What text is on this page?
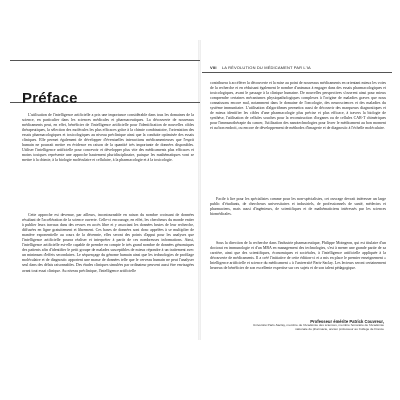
Préface

L'utilisation de l'intelligence artificielle a pris une importance considérable dans tous les domaines de la science, en particulier dans les sciences médicales et pharmaceutiques. La découverte de nouveaux médicaments peut, en effet, bénéficier de l'intelligence artificielle pour l'identification de nouvelles cibles thérapeutiques, la sélection des molécules les plus efficaces grâce à la chimie combinatoire, l'orientation des essais pharmacologiques et toxicologiques au niveau préclinique ainsi que la conduite optimisée des essais cliniques. Elle permet également de développer d'éventuelles interactions médicamenteuses que l'esprit humain ne pourrait mettre en évidence en raison de la quantité très importante de données disponibles. Utiliser l'intelligence artificielle pour concevoir et développer plus vite des médicaments plus efficaces et moins toxiques représente une approche hautement pluridisciplinaire, puisque les mathématiques vont se mettre à la chimie, à la biologie moléculaire et cellulaire, à la pharmacologie et à la toxicologie.

Cette approche est devenue, par ailleurs, incontournable en raison du nombre croissant de données résultant de l'accélération de la science ouverte. Celle-ci encourage, en effet, les chercheurs du monde entier à publier leurs travaux dans des revues en accès libre et y associant les données brutes de leur recherche, diffusées en ligne gratuitement et librement. Ces bases de données sont donc appelées à se multiplier de manière exponentielle au cours de la décennie, elles seront des points d'appui pour les analyses que l'intelligence artificielle pourra réaliser et interpréter à partir de ces nombreuses informations. Ainsi, l'intelligence artificielle est-elle capable de prendre en compte le très grand nombre de données génomiques des patients afin d'identifier le petit groupe de malades susceptibles de mieux répondre à un traitement avec un minimum d'effets secondaires. Le séquençage du génome humain ainsi que les technologies de profilage moléculaire et de diagnostic apportent une masse de données telle que le cerveau humain ne peut l'analyser seul dans des délais raisonnables. Des études cliniques simulées par ordinateur peuvent aussi être envisagées avant tout essai clinique. Au niveau préclinique, l'intelligence artificielle

VIII LA RÉVOLUTION DU MÉDICAMENT PAR L'IA

contribuera à accélérer la découverte et la mise au point de nouveaux médicaments en orientant mieux les voies de la recherche et en réduisant également le nombre d'animaux à engager dans des essais pharmacologiques et toxicologiques, avant le passage à la clinique humaine. De nouvelles perspectives s'ouvrent ainsi pour mieux comprendre certaines mécanismes physiopathologiques complexes à l'origine de maladies graves que nous connaissons encore mal, notamment dans le domaine de l'oncologie, des neurosciences et des maladies du système immunitaire. L'utilisation d'algorithmes permettra aussi de découvrir des marqueurs diagnostiques et de mieux identifier les cibles d'une pharmacologie plus précise et plus efficace, à travers la biologie de synthèse, l'utilisation de cellules souches pour la reconstruction d'organes ou de cellules CAR-T chimériques pour l'immunothérapie du cancer, l'utilisation des nanotechnologies pour livrer le médicament au bon moment et au bon endroit, ou encore de développement de méthodes d'imagerie et de diagnostic à l'échelle moléculaire.

Facile à lire pour les spécialistes comme pour les non-spécialistes, cet ouvrage devrait intéresser un large public d'étudiants, de chercheurs universitaires et industriels, de professionnels de santé, médecins et pharmaciens, mais aussi d'ingénieurs, de scientifiques et de mathématiciens intéressés par les sciences biomédicales.

Sous la direction de la recherche dans l'industrie pharmaceutique, Philippe Moingeon, qui est titulaire d'un doctorat en immunologie et d'un MBA en management des technologies, s'est à mener une grande partie de sa carrière, ainsi que des scientifiques, économiques et sociétales, à l'intelligence artificielle appliquée à la découverte de médicaments. Il a créé l'initiative de cette édition-ci et a mis en place le premier enseignement « Intelligence artificielle et science du médicament » à l'université Paris-Saclay. Les lecteurs seront certainement heureux de bénéficier de son excellente expertise sur ces sujets et de son talent pédagogique.

Professeur émérite Patrick Couvreur,
Université Paris-Saclay, membre de l'Académie des sciences, membre honoraire de l'Académie nationale de pharmacie, ancien professeur au Collège de France
